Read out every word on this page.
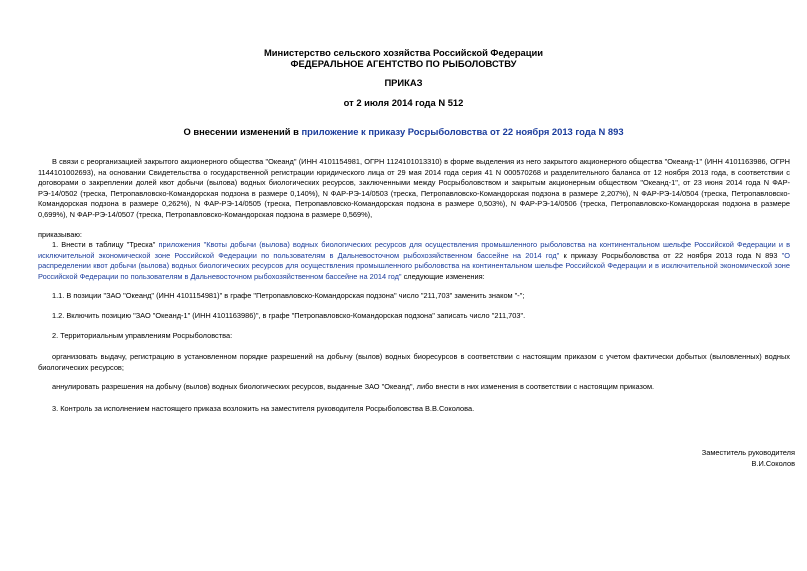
Министерство сельского хозяйства Российской Федерации

ФЕДЕРАЛЬНОЕ АГЕНТСТВО ПО РЫБОЛОВСТВУ

ПРИКАЗ

от 2 июля 2014 года N 512

О внесении изменений в приложение к приказу Росрыболовства от 22 ноября 2013 года N 893

В связи с реорганизацией закрытого акционерного общества "Океанд" (ИНН 4101154981, ОГРН 1124101013310) в форме выделения из него закрытого акционерного общества "Океанд-1" (ИНН 4101163986, ОГРН 1144101002693), на основании Свидетельства о государственной регистрации юридического лица от 29 мая 2014 года серия 41 N 000570268 и разделительного баланса от 12 ноября 2013 года, в соответствии с договорами о закреплении долей квот добычи (вылова) водных биологических ресурсов, заключенными между Росрыболовством и закрытым акционерным обществом "Океанд-1", от 23 июня 2014 года N ФАР-РЭ-14/0502 (треска, Петропавловско-Командорская подзона в размере 0,140%), N ФАР-РЭ-14/0503 (треска, Петропавловско-Командорская подзона в размере 2,207%), N ФАР-РЭ-14/0504 (треска, Петропавловско-Командорская подзона в размере 0,262%), N ФАР-РЭ-14/0505 (треска, Петропавловско-Командорская подзона в размере 0,503%), N ФАР-РЭ-14/0506 (треска, Петропавловско-Командорская подзона в размере 0,699%), N ФАР-РЭ-14/0507 (треска, Петропавловско-Командорская подзона в размере 0,569%),

приказываю:

1. Внести в таблицу "Треска" приложения "Квоты добычи (вылова) водных биологических ресурсов для осуществления промышленного рыболовства на континентальном шельфе Российской Федерации и в исключительной экономической зоне Российской Федерации по пользователям в Дальневосточном рыбохозяйственном бассейне на 2014 год" к приказу Росрыболовства от 22 ноября 2013 года N 893 "О распределении квот добычи (вылова) водных биологических ресурсов для осуществления промышленного рыболовства на континентальном шельфе Российской Федерации и в исключительной экономической зоне Российской Федерации по пользователям в Дальневосточном рыбохозяйственном бассейне на 2014 год" следующие изменения:

1.1. В позиции "ЗАО "Океанд" (ИНН 4101154981)" в графе "Петропавловско-Командорская подзона" число "211,703" заменить знаком "-";

1.2. Включить позицию "ЗАО "Океанд-1" (ИНН 4101163986)", в графе "Петропавловско-Командорская подзона" записать число "211,703".

2. Территориальным управлениям Росрыболовства:

организовать выдачу, регистрацию в установленном порядке разрешений на добычу (вылов) водных биоресурсов в соответствии с настоящим приказом с учетом фактически добытых (выловленных) водных биологических ресурсов;

аннулировать разрешения на добычу (вылов) водных биологических ресурсов, выданные ЗАО "Океанд", либо внести в них изменения в соответствии с настоящим приказом.

3. Контроль за исполнением настоящего приказа возложить на заместителя руководителя Росрыболовства В.В.Соколова.

Заместитель руководителя

В.И.Соколов
